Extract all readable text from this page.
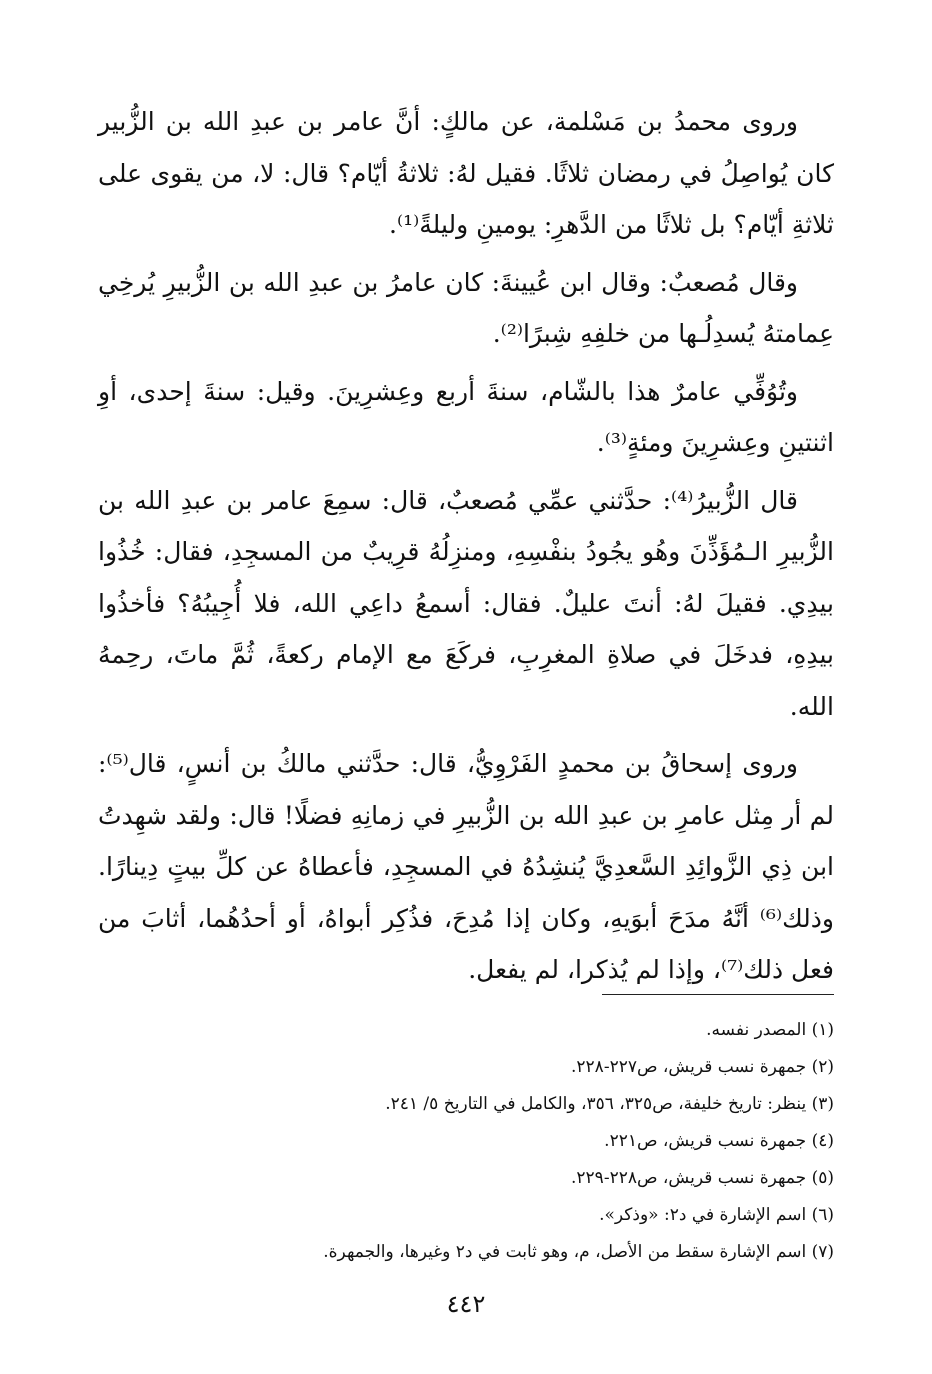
وروى محمدُ بن مَسْلمة، عن مالكٍ: أنَّ عامر بن عبدِ الله بن الزُّبير كان يُواصِلُ في رمضان ثلاثًا. فقيل لهُ: ثلاثةُ أيّام؟ قال: لا، من يقوى على ثلاثةِ أيّام؟ بل ثلاثًا من الدَّهرِ: يومينِ وليلةً⁽¹⁾.

وقال مُصعبٌ: وقال ابن عُيينةَ: كان عامرُ بن عبدِ الله بن الزُّبيرِ يُرخِي عِمامتهُ يُسدِلُـها من خلفِهِ شِبرًا⁽²⁾.

وتُوُفِّي عامرٌ هذا بالشّام، سنةَ أربع وعِشرِينَ. وقيل: سنةَ إحدى، أوِ اثنتينِ وعِشرِينَ ومئةٍ⁽³⁾.

قال الزُّبيرُ⁽⁴⁾: حدَّثني عمِّي مُصعبٌ، قال: سمِعَ عامر بن عبدِ الله بن الزُّبيرِ الـمُؤَذِّنَ وهُو يجُودُ بنفْسِهِ، ومنزِلُهُ قرِيبٌ من المسجِدِ، فقال: خُذُوا بيدِي. فقيلَ لهُ: أنتَ عليلٌ. فقال: أسمعُ داعِي الله، فلا أُجِيبُهُ؟ فأخذُوا بيدِهِ، فدخَلَ في صلاةِ المغرِبِ، فركَعَ مع الإمام ركعةً، ثُمَّ ماتَ، رحِمهُ الله.

وروى إسحاقُ بن محمدٍ الفَرْوِيُّ، قال: حدَّثني مالكُ بن أنسٍ، قال⁽⁵⁾: لم أر مِثل عامرِ بن عبدِ الله بن الزُّبيرِ في زمانِهِ فضلًا! قال: ولقد شهِدتُ ابن ذِي الزَّوائِدِ السَّعدِيَّ يُنشِدُهُ في المسجِدِ، فأعطاهُ عن كلِّ بيتٍ دِينارًا. وذلك⁽⁶⁾ أنَّهُ مدَحَ أبوَيهِ، وكان إذا مُدِحَ، فذُكِر أبواهُ، أو أحدُهُما، أثابَ من فعل ذلك⁽⁷⁾، وإذا لم يُذكرا، لم يفعل.

(١) المصدر نفسه.

(٢) جمهرة نسب قريش، ص٢٢٧-٢٢٨.

(٣) ينظر: تاريخ خليفة، ص٣٢٥، ٣٥٦، والكامل في التاريخ ٥/ ٢٤١.

(٤) جمهرة نسب قريش، ص٢٢١.

(٥) جمهرة نسب قريش، ص٢٢٨-٢٢٩.

(٦) اسم الإشارة في د٢: «وذكر».

(٧) اسم الإشارة سقط من الأصل، م، وهو ثابت في د٢ وغيرها، والجمهرة.

٤٤٢
